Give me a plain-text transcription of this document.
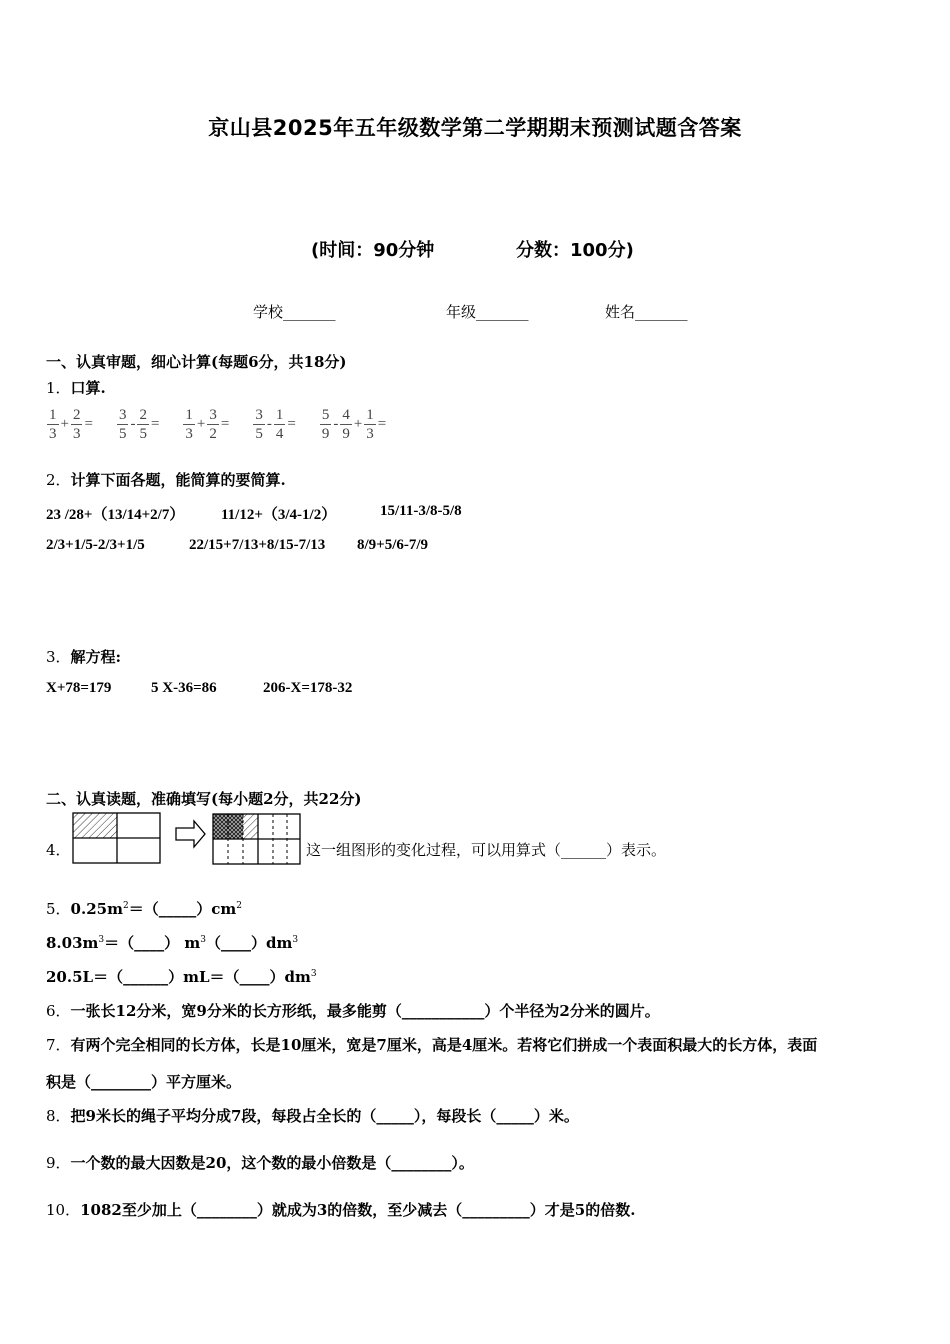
京山县2025年五年级数学第二学期期末预测试题含答案
(时间：90分钟	分数：100分)
学校_______	年级_______	姓名_______
一、认真审题，细心计算(每题6分，共18分)
1．口算.
$\frac{1}{3} + \frac{2}{3} = \frac{3}{5} - \frac{2}{5} = \frac{1}{3} + \frac{3}{2} = \frac{3}{5} - \frac{1}{4} = \frac{5}{9} - \frac{4}{9} + \frac{1}{3}$ =
2．计算下面各题，能简算的要简算.
23 /28+（13/14+2/7） 11/12+（3/4-1/2）	15/11-3/8-5/8
2/3+1/5-2/3+1/5	22/15+7/13+8/15-7/13 8/9+5/6-7/9
3．解方程:
X+78=179	5 X-36=86	206-X=178-32
二、认真读题，准确填写(每小题2分，共22分)
4．	这一组图形的变化过程，可以用算式（______）表示。
5．$0.25m^2=(\_\_\_\_\_)cm^2$
$8.03m^3=(\_\_\_\_)$ $m^3(\_\_\_\_)dm^3$
$20.5L=(\_\_\_\_\_\_)mL=(\_\_\_\_)dm^3$
6．一张长12分米，宽9分米的长方形纸，最多能剪（___________）个半径为2分米的圆片。
7．有两个完全相同的长方体，长是10厘米，宽是7厘米，高是4厘米。若将它们拼成一个表面积最大的长方体，表面
积是（________）平方厘米。
8．把9米长的绳子平均分成7段，每段占全长的（_____），每段长（_____）米。
9．一个数的最大因数是20，这个数的最小倍数是（________）。
10．1082至少加上（________）就成为3的倍数，至少减去（_________）才是5的倍数.
